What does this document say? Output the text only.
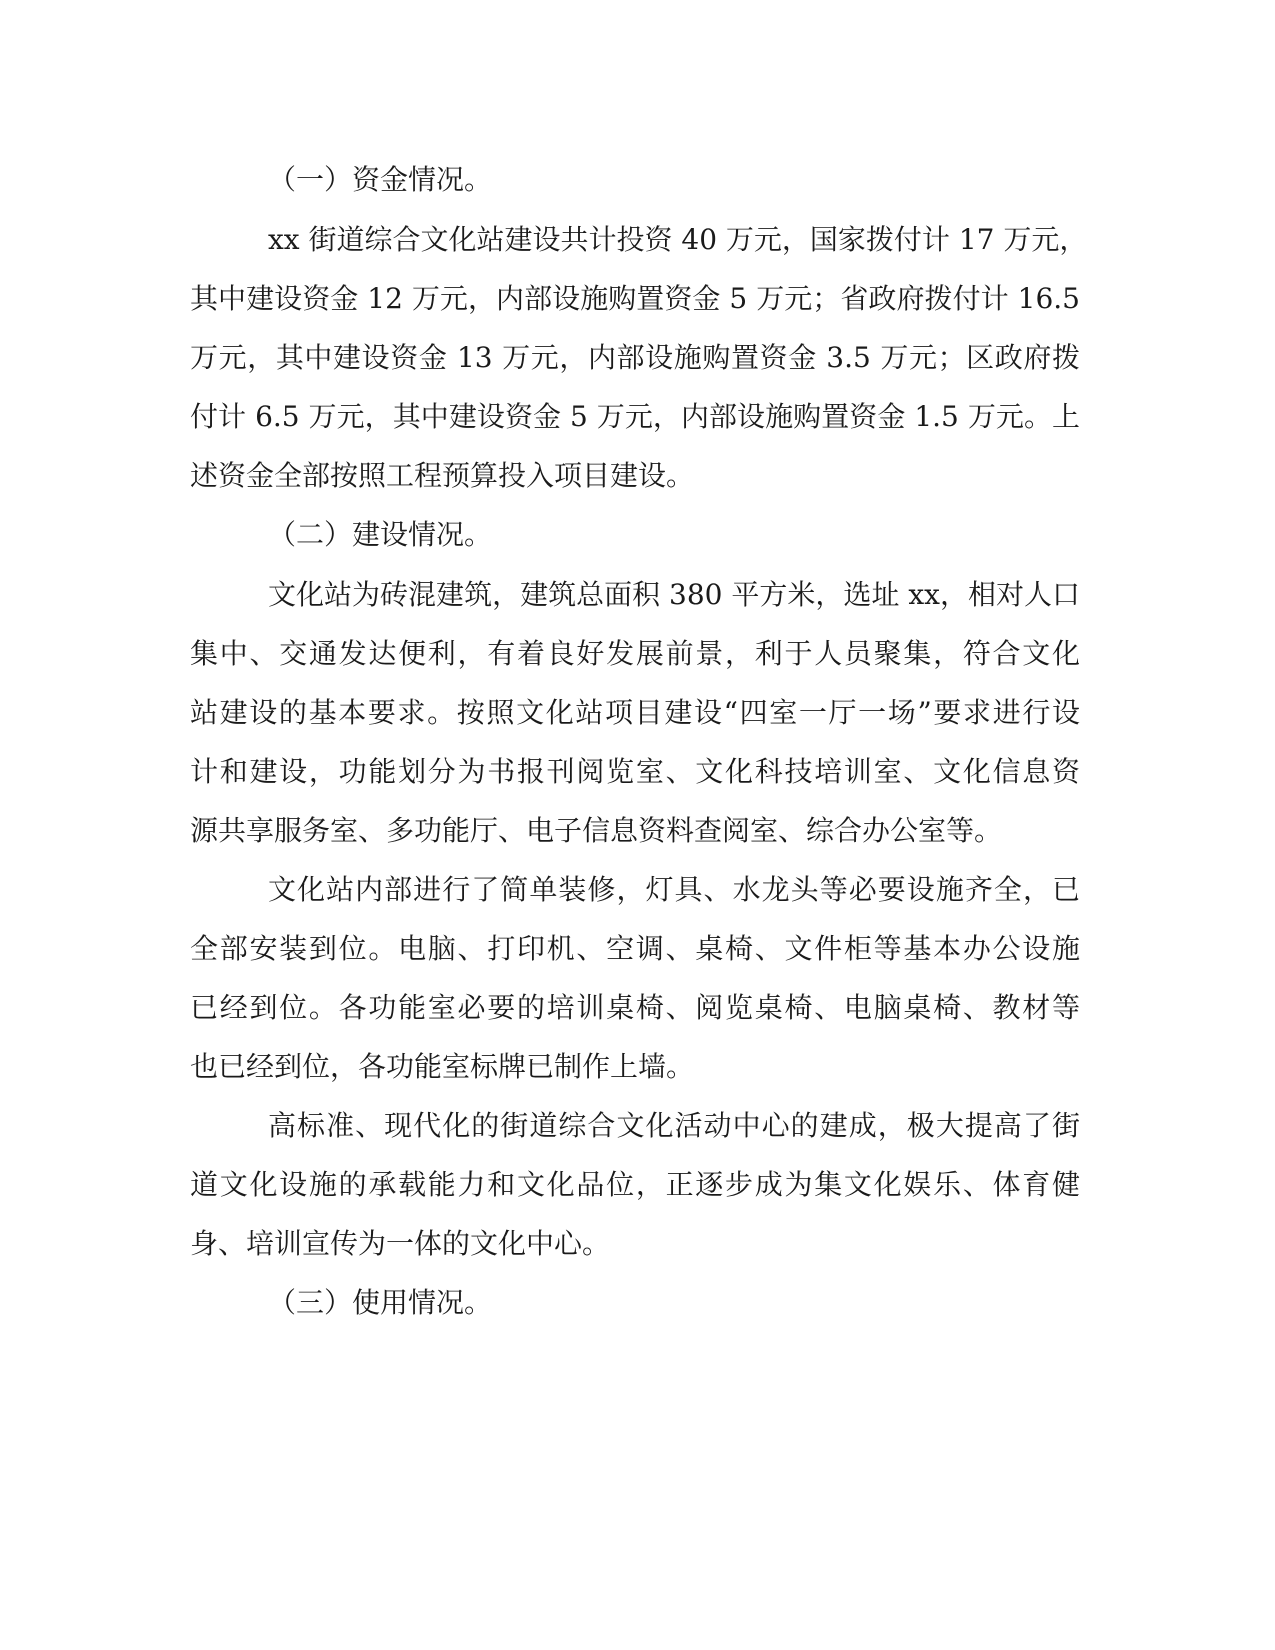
（一）资金情况。
xx 街道综合文化站建设共计投资 40 万元，国家拨付计 17 万元，
其中建设资金 12 万元，内部设施购置资金 5 万元；省政府拨付计 16.5
万元，其中建设资金 13 万元，内部设施购置资金 3.5 万元；区政府拨
付计 6.5 万元，其中建设资金 5 万元，内部设施购置资金 1.5 万元。上
述资金全部按照工程预算投入项目建设。
（二）建设情况。
文化站为砖混建筑，建筑总面积 380 平方米，选址 xx，相对人口
集中、交通发达便利，有着良好发展前景，利于人员聚集，符合文化
站建设的基本要求。按照文化站项目建设“四室一厅一场”要求进行设
计和建设，功能划分为书报刊阅览室、文化科技培训室、文化信息资
源共享服务室、多功能厅、电子信息资料查阅室、综合办公室等。
文化站内部进行了简单装修，灯具、水龙头等必要设施齐全，已
全部安装到位。电脑、打印机、空调、桌椅、文件柜等基本办公设施
已经到位。各功能室必要的培训桌椅、阅览桌椅、电脑桌椅、教材等
也已经到位，各功能室标牌已制作上墙。
高标准、现代化的街道综合文化活动中心的建成，极大提高了街
道文化设施的承载能力和文化品位，正逐步成为集文化娱乐、体育健
身、培训宣传为一体的文化中心。
（三）使用情况。
